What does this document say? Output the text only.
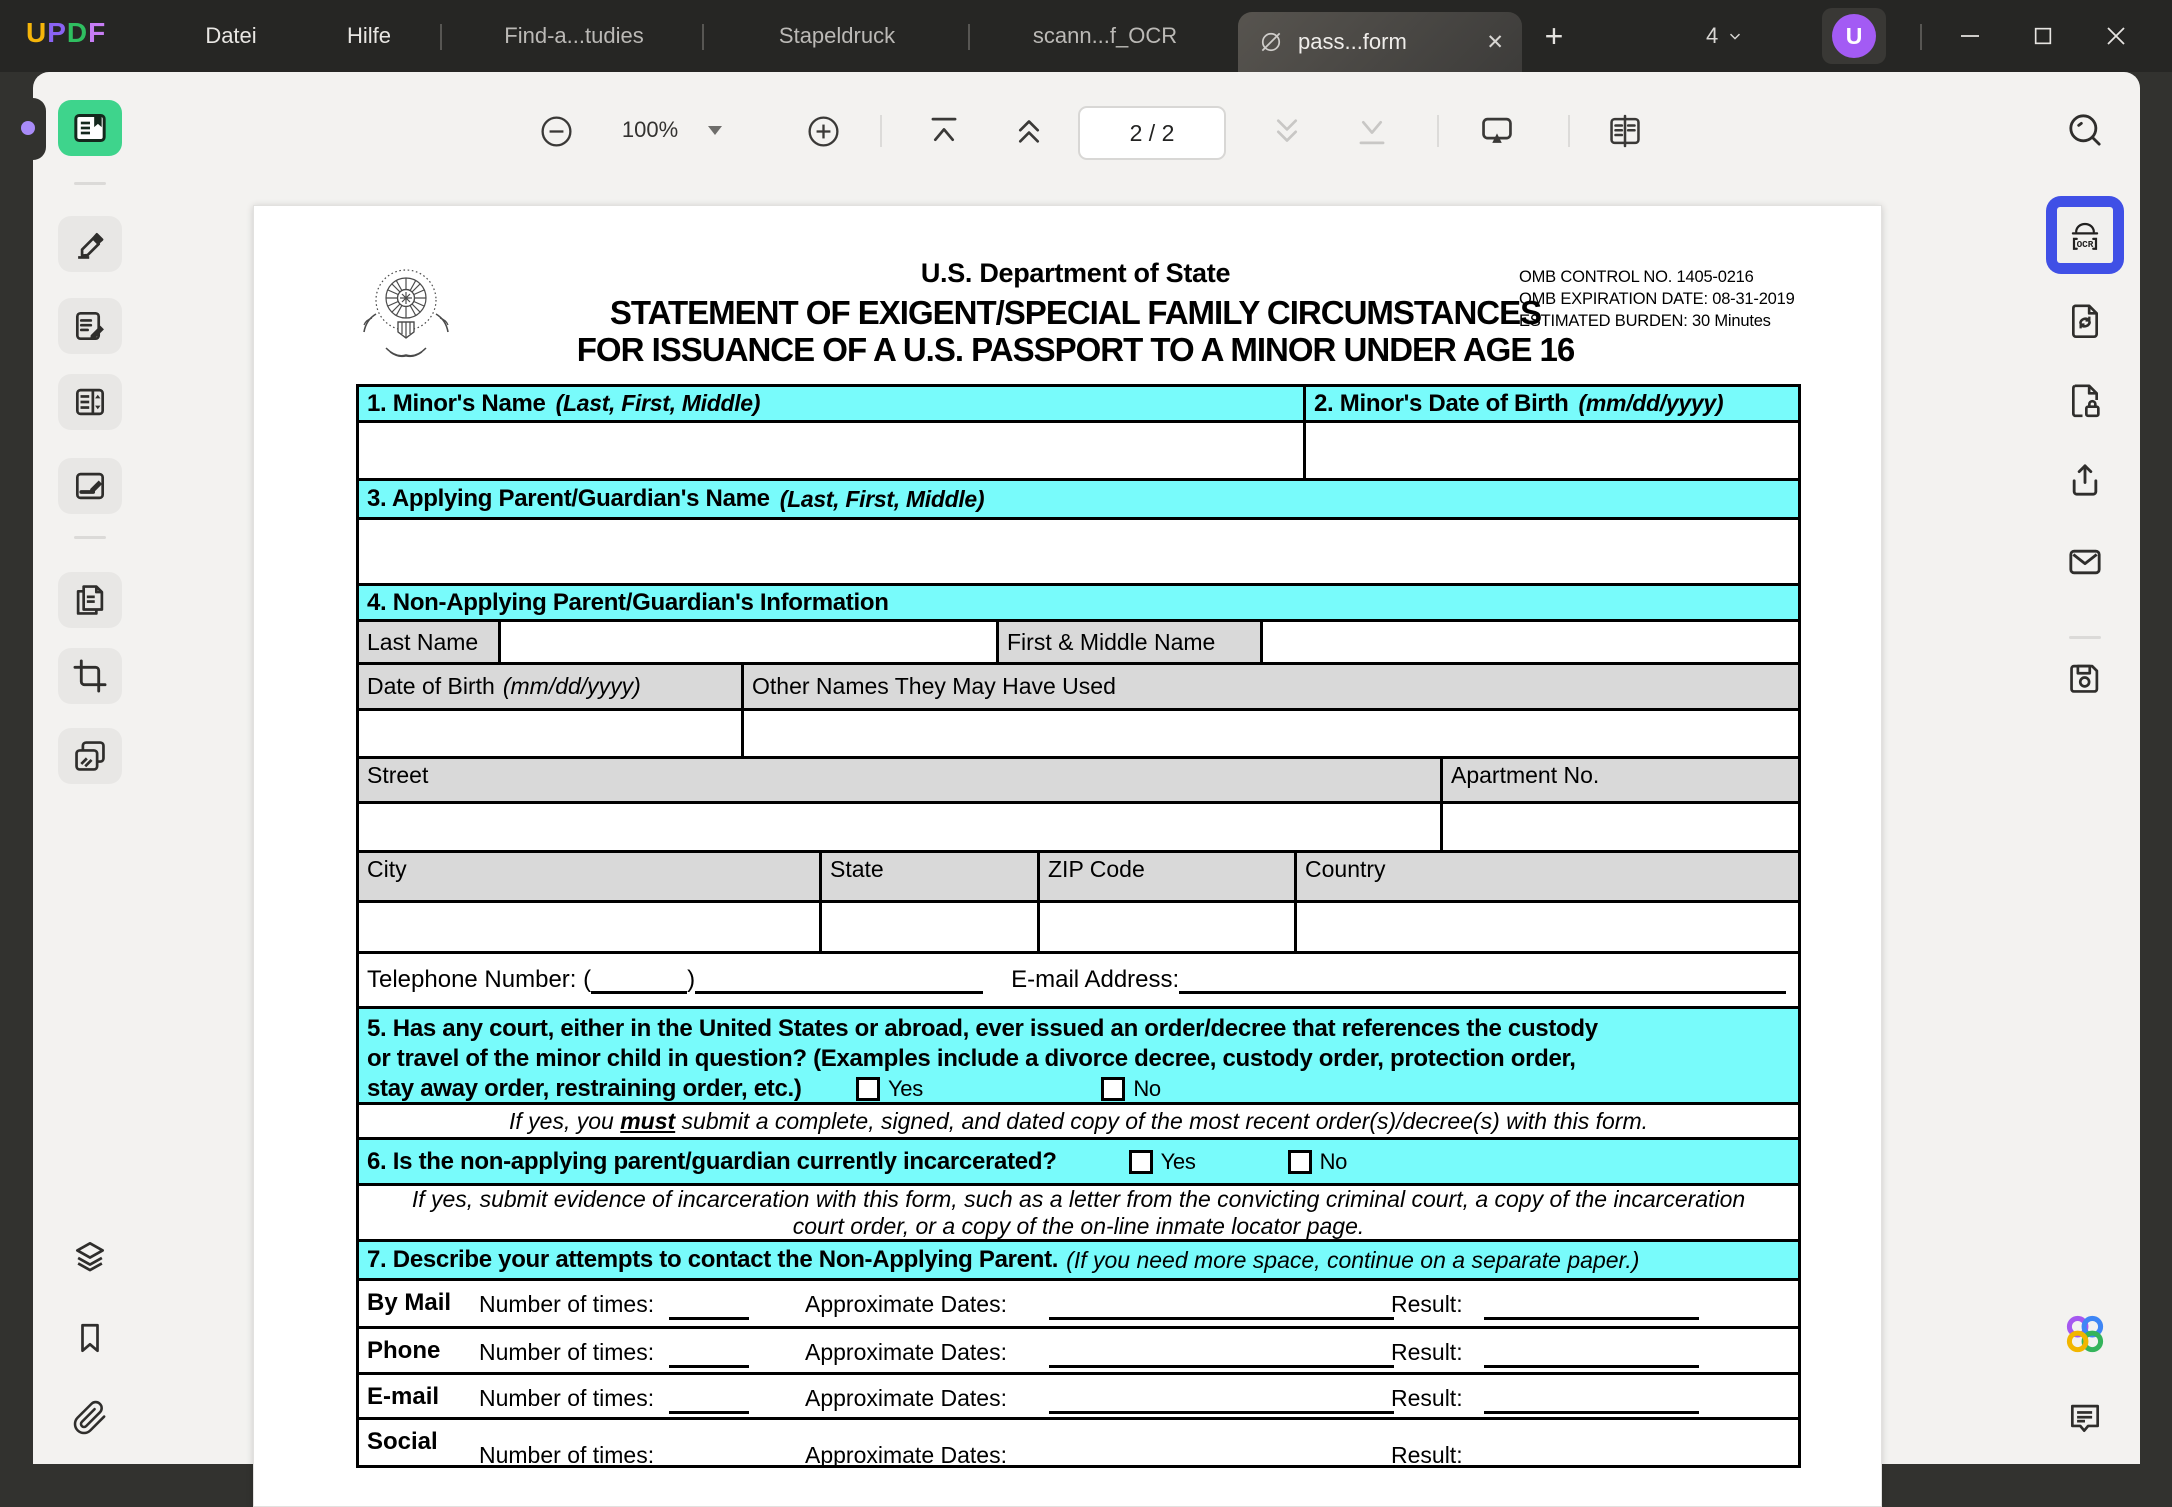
UPDF	Datei	Hilfe	Find-a...tudies	Stapeldruck	scann...f_OCR	pass...form	✕	+	4	U
100%	2 / 2
OCR
U.S. Department of State
STATEMENT OF EXIGENT/SPECIAL FAMILY CIRCUMSTANCES
FOR ISSUANCE OF A U.S. PASSPORT TO A MINOR UNDER AGE 16
OMB CONTROL NO. 1405-0216
OMB EXPIRATION DATE: 08-31-2019
ESTIMATED BURDEN: 30 Minutes
1. Minor's Name (Last, First, Middle)	2. Minor's Date of Birth (mm/dd/yyyy)
3. Applying Parent/Guardian's Name (Last, First, Middle)
4. Non-Applying Parent/Guardian's Information
Last Name	First & Middle Name
Date of Birth (mm/dd/yyyy)	Other Names They May Have Used
Street	Apartment No.
City	State	ZIP Code	Country
Telephone Number: (	)	E-mail Address:
5. Has any court, either in the United States or abroad, ever issued an order/decree that references the custody
or travel of the minor child in question? (Examples include a divorce decree, custody order, protection order,
stay away order, restraining order, etc.)	Yes	No
If yes, you must submit a complete, signed, and dated copy of the most recent order(s)/decree(s) with this form.
6. Is the non-applying parent/guardian currently incarcerated?	Yes	No
If yes, submit evidence of incarceration with this form, such as a letter from the convicting criminal court, a copy of the incarceration
court order, or a copy of the on-line inmate locator page.
7. Describe your attempts to contact the Non-Applying Parent. (If you need more space, continue on a separate paper.)
By Mail Number of times:	Approximate Dates:	Result:
Phone Number of times:	Approximate Dates:	Result:
E-mail Number of times:	Approximate Dates:	Result:
Social Number of times:	Approximate Dates:	Result:
